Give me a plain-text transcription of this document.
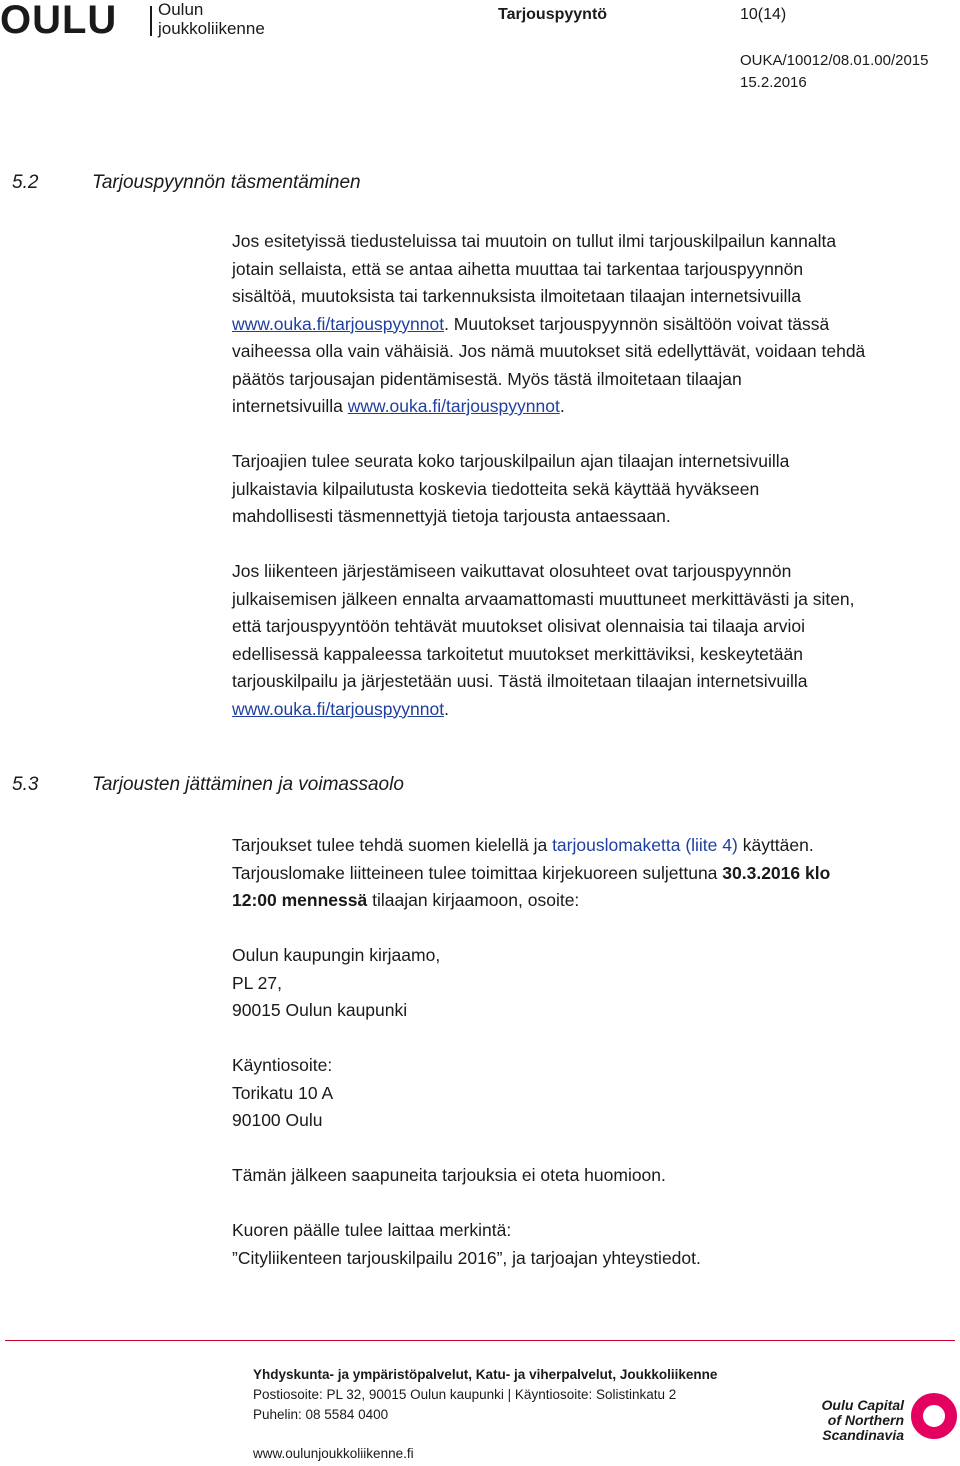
OULU Oulun
joukkoliikenne
Tarjouspyyntö	10(14)
OUKA/10012/08.01.00/2015
15.2.2016
5.2	Tarjouspyynnön täsmentäminen

Jos esitetyissä tiedusteluissa tai muutoin on tullut ilmi tarjouskilpailun kannalta

jotain sellaista, että se antaa aihetta muuttaa tai tarkentaa tarjouspyynnön

sisältöä, muutoksista tai tarkennuksista ilmoitetaan tilaajan internetsivuilla

www.ouka.fi/tarjouspyynnot. Muutokset tarjouspyynnön sisältöön voivat tässä

vaiheessa olla vain vähäisiä. Jos nämä muutokset sitä edellyttävät, voidaan tehdä

päätös tarjousajan pidentämisestä. Myös tästä ilmoitetaan tilaajan

internetsivuilla www.ouka.fi/tarjouspyynnot.

Tarjoajien tulee seurata koko tarjouskilpailun ajan tilaajan internetsivuilla

julkaistavia kilpailutusta koskevia tiedotteita sekä käyttää hyväkseen

mahdollisesti täsmennettyjä tietoja tarjousta antaessaan.

Jos liikenteen järjestämiseen vaikuttavat olosuhteet ovat tarjouspyynnön

julkaisemisen jälkeen ennalta arvaamattomasti muuttuneet merkittävästi ja siten,

että tarjouspyyntöön tehtävät muutokset olisivat olennaisia tai tilaaja arvioi

edellisessä kappaleessa tarkoitetut muutokset merkittäviksi, keskeytetään

tarjouskilpailu ja järjestetään uusi. Tästä ilmoitetaan tilaajan internetsivuilla

www.ouka.fi/tarjouspyynnot.

5.3	Tarjousten jättäminen ja voimassaolo

Tarjoukset tulee tehdä suomen kielellä ja tarjouslomaketta (liite 4) käyttäen.

Tarjouslomake liitteineen tulee toimittaa kirjekuoreen suljettuna 30.3.2016 klo

12:00 mennessä tilaajan kirjaamoon, osoite:

Oulun kaupungin kirjaamo,

PL 27,

90015 Oulun kaupunki

Käyntiosoite:

Torikatu 10 A

90100 Oulu

Tämän jälkeen saapuneita tarjouksia ei oteta huomioon.

Kuoren päälle tulee laittaa merkintä:

”Cityliikenteen tarjouskilpailu 2016”, ja tarjoajan yhteystiedot.

Yhdyskunta- ja ympäristöpalvelut, Katu- ja viherpalvelut, Joukkoliikenne
Postiosoite: PL 32, 90015 Oulun kaupunki | Käyntiosoite: Solistinkatu 2
Puhelin: 08 5584 0400
www.oulunjoukkoliikenne.fi
Oulu Capital
of Northern
Scandinavia
